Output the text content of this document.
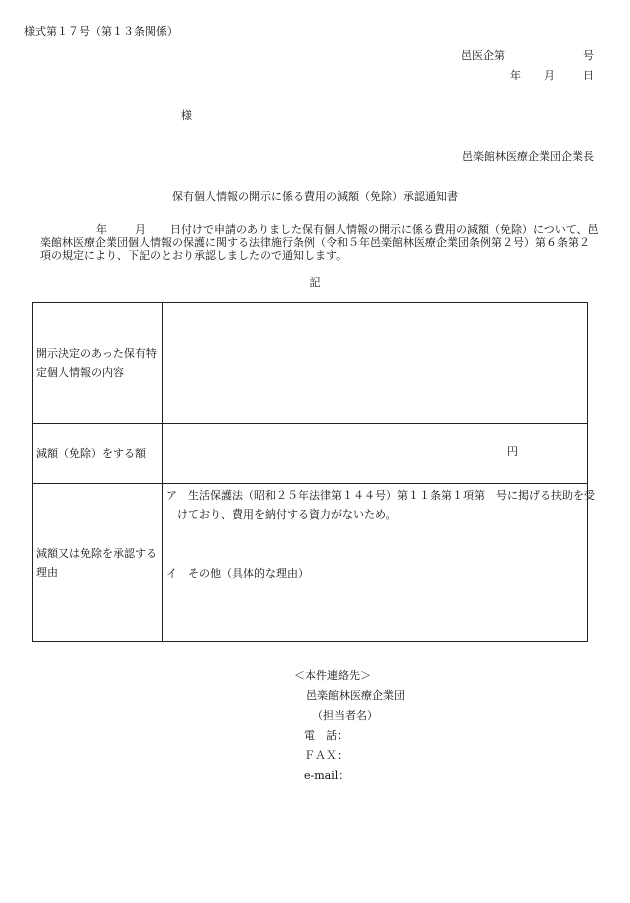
様式第１７号（第１３条関係）
邑医企第	号
年 月	日
様
邑楽館林医療企業団企業長
保有個人情報の開示に係る費用の減額（免除）承認通知書
年	月 日付けで申請のありました保有個人情報の開示に係る費用の減額（免除）について、邑楽館林医療企業団個人情報の保護に関する法律施行条例（令和５年邑楽館林医療企業団条例第２号）第６条第２項の規定により、下記のとおり承認しましたので通知します。
記
開示決定のあった保有特定個人情報の内容	
減額（免除）をする額	円

減額又は免除を承認する理由	ア　生活保護法（昭和２５年法律第１４４号）第１１条第１項第　号に掲げる扶助を受けており、費用を納付する資力がないため。
イ　その他（具体的な理由）
＜本件連絡先＞
邑楽館林医療企業団
（担当者名）
電　話：
ＦＡＸ：
e-mail：
